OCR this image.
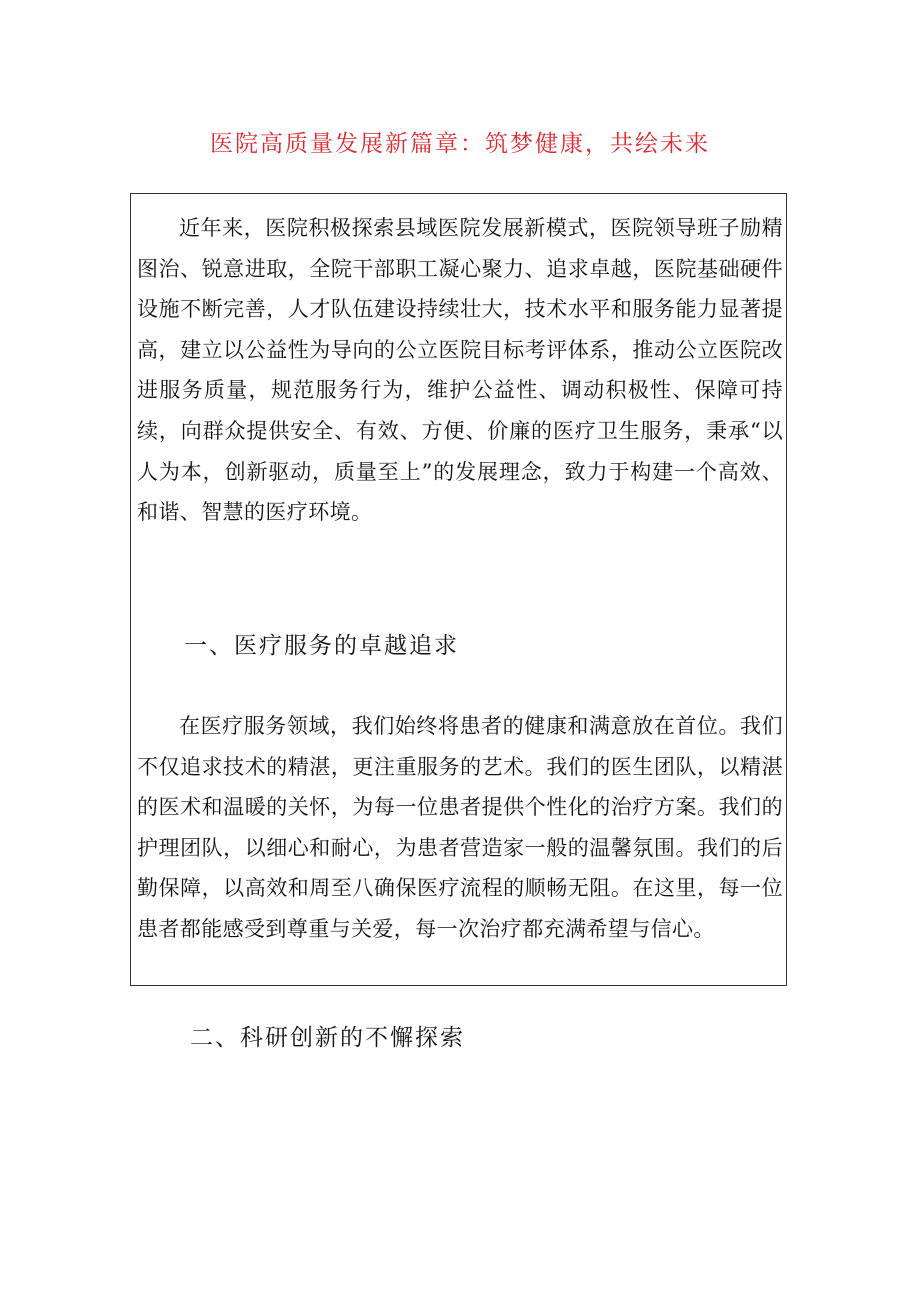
医院高质量发展新篇章：筑梦健康，共绘未来

近年来，医院积极探索县域医院发展新模式，医院领导班子励精图治、锐意进取，全院干部职工凝心聚力、追求卓越，医院基础硬件设施不断完善，人才队伍建设持续壮大，技术水平和服务能力显著提高，建立以公益性为导向的公立医院目标考评体系，推动公立医院改进服务质量，规范服务行为，维护公益性、调动积极性、保障可持续，向群众提供安全、有效、方便、价廉的医疗卫生服务，秉承“以人为本，创新驱动，质量至上”的发展理念，致力于构建一个高效、和谐、智慧的医疗环境。

一、医疗服务的卓越追求

在医疗服务领域，我们始终将患者的健康和满意放在首位。我们不仅追求技术的精湛，更注重服务的艺术。我们的医生团队，以精湛的医术和温暖的关怀，为每一位患者提供个性化的治疗方案。我们的护理团队，以细心和耐心，为患者营造家一般的温馨氛围。我们的后勤保障，以高效和周至八确保医疗流程的顺畅无阻。在这里，每一位患者都能感受到尊重与关爱，每一次治疗都充满希望与信心。

二、科研创新的不懈探索
